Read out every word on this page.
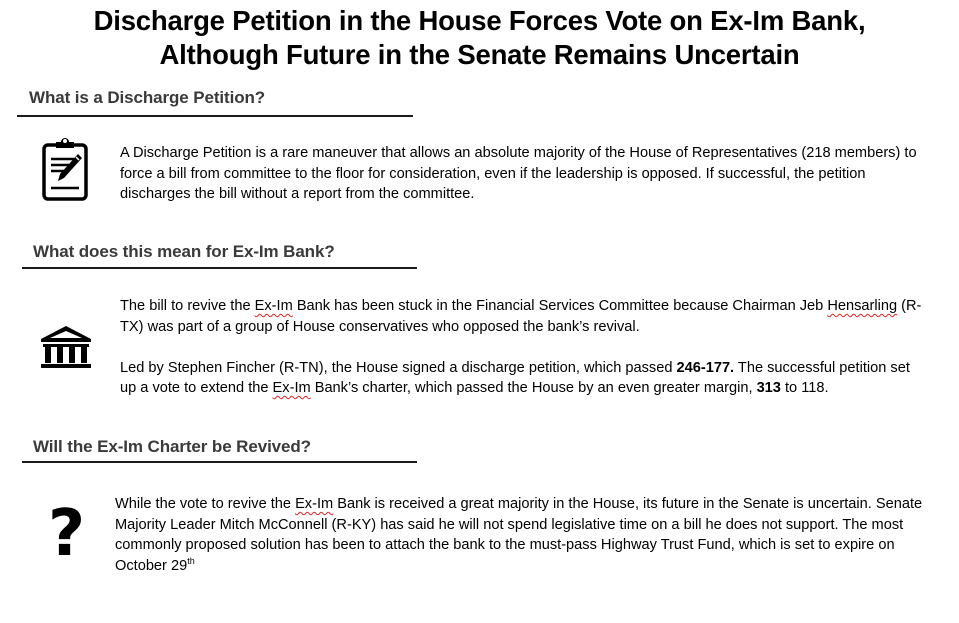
Discharge Petition in the House Forces Vote on Ex-Im Bank,
Although Future in the Senate Remains Uncertain
What is a Discharge Petition?

A Discharge Petition is a rare maneuver that allows an absolute majority of the House of Representatives (218 members) to force a bill from committee to the floor for consideration, even if the leadership is opposed. If successful, the petition discharges the bill without a report from the committee.

What does this mean for Ex-Im Bank?

The bill to revive the Ex-Im Bank has been stuck in the Financial Services Committee because Chairman Jeb Hensarling (R-TX) was part of a group of House conservatives who opposed the bank’s revival.

Led by Stephen Fincher (R-TN), the House signed a discharge petition, which passed 246-177. The successful petition set up a vote to extend the Ex-Im Bank’s charter, which passed the House by an even greater margin, 313 to 118.

Will the Ex-Im Charter be Revived?
? While the vote to revive the Ex-Im Bank is received a great majority in the House, its future in the Senate is uncertain. Senate Majority Leader Mitch McConnell (R-KY) has said he will not spend legislative time on a bill he does not support. The most commonly proposed solution has been to attach the bank to the must-pass Highway Trust Fund, which is set to expire on October 29th
